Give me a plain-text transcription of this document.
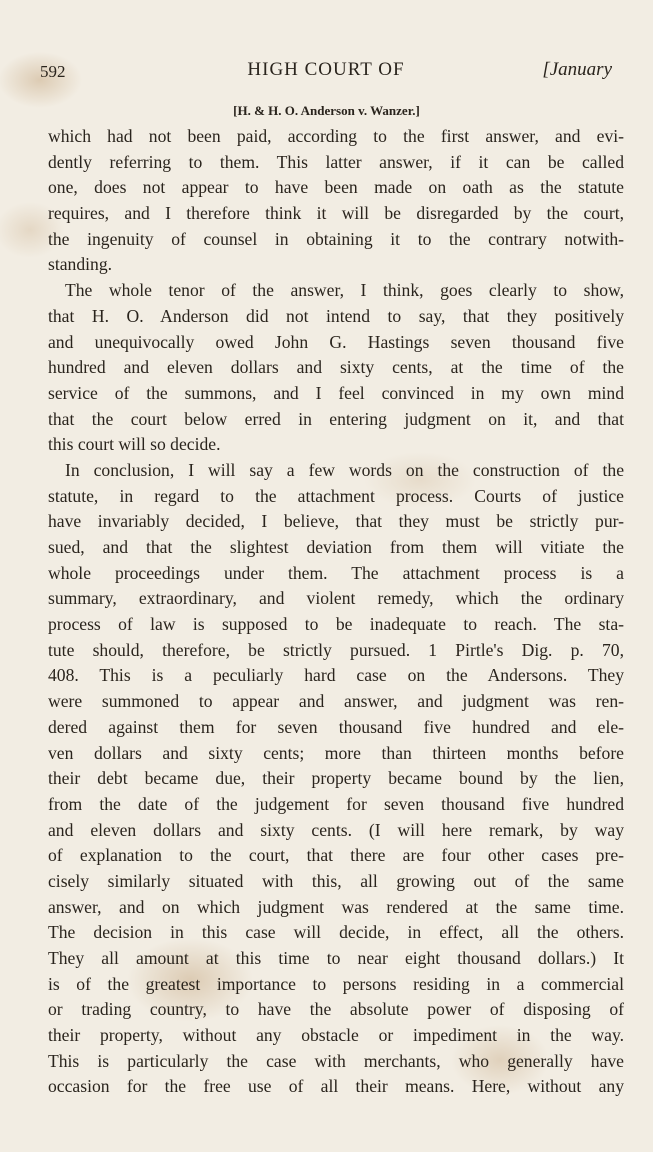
592	HIGH COURT OF	[January
[H. & H. O. Anderson v. Wanzer.]
which had not been paid, according to the first answer, and evi-
dently referring to them. This latter answer, if it can be called
one, does not appear to have been made on oath as the statute
requires, and I therefore think it will be disregarded by the court,
the ingenuity of counsel in obtaining it to the contrary notwith-
standing.
The whole tenor of the answer, I think, goes clearly to show,
that H. O. Anderson did not intend to say, that they positively
and unequivocally owed John G. Hastings seven thousand five
hundred and eleven dollars and sixty cents, at the time of the
service of the summons, and I feel convinced in my own mind
that the court below erred in entering judgment on it, and that
this court will so decide.
In conclusion, I will say a few words on the construction of the
statute, in regard to the attachment process. Courts of justice
have invariably decided, I believe, that they must be strictly pur-
sued, and that the slightest deviation from them will vitiate the
whole proceedings under them. The attachment process is a
summary, extraordinary, and violent remedy, which the ordinary
process of law is supposed to be inadequate to reach. The sta-
tute should, therefore, be strictly pursued. 1 Pirtle's Dig. p. 70,
408. This is a peculiarly hard case on the Andersons. They
were summoned to appear and answer, and judgment was ren-
dered against them for seven thousand five hundred and ele-
ven dollars and sixty cents; more than thirteen months before
their debt became due, their property became bound by the lien,
from the date of the judgement for seven thousand five hundred
and eleven dollars and sixty cents. (I will here remark, by way
of explanation to the court, that there are four other cases pre-
cisely similarly situated with this, all growing out of the same
answer, and on which judgment was rendered at the same time.
The decision in this case will decide, in effect, all the others.
They all amount at this time to near eight thousand dollars.) It
is of the greatest importance to persons residing in a commercial
or trading country, to have the absolute power of disposing of
their property, without any obstacle or impediment in the way.
This is particularly the case with merchants, who generally have
occasion for the free use of all their means. Here, without any
